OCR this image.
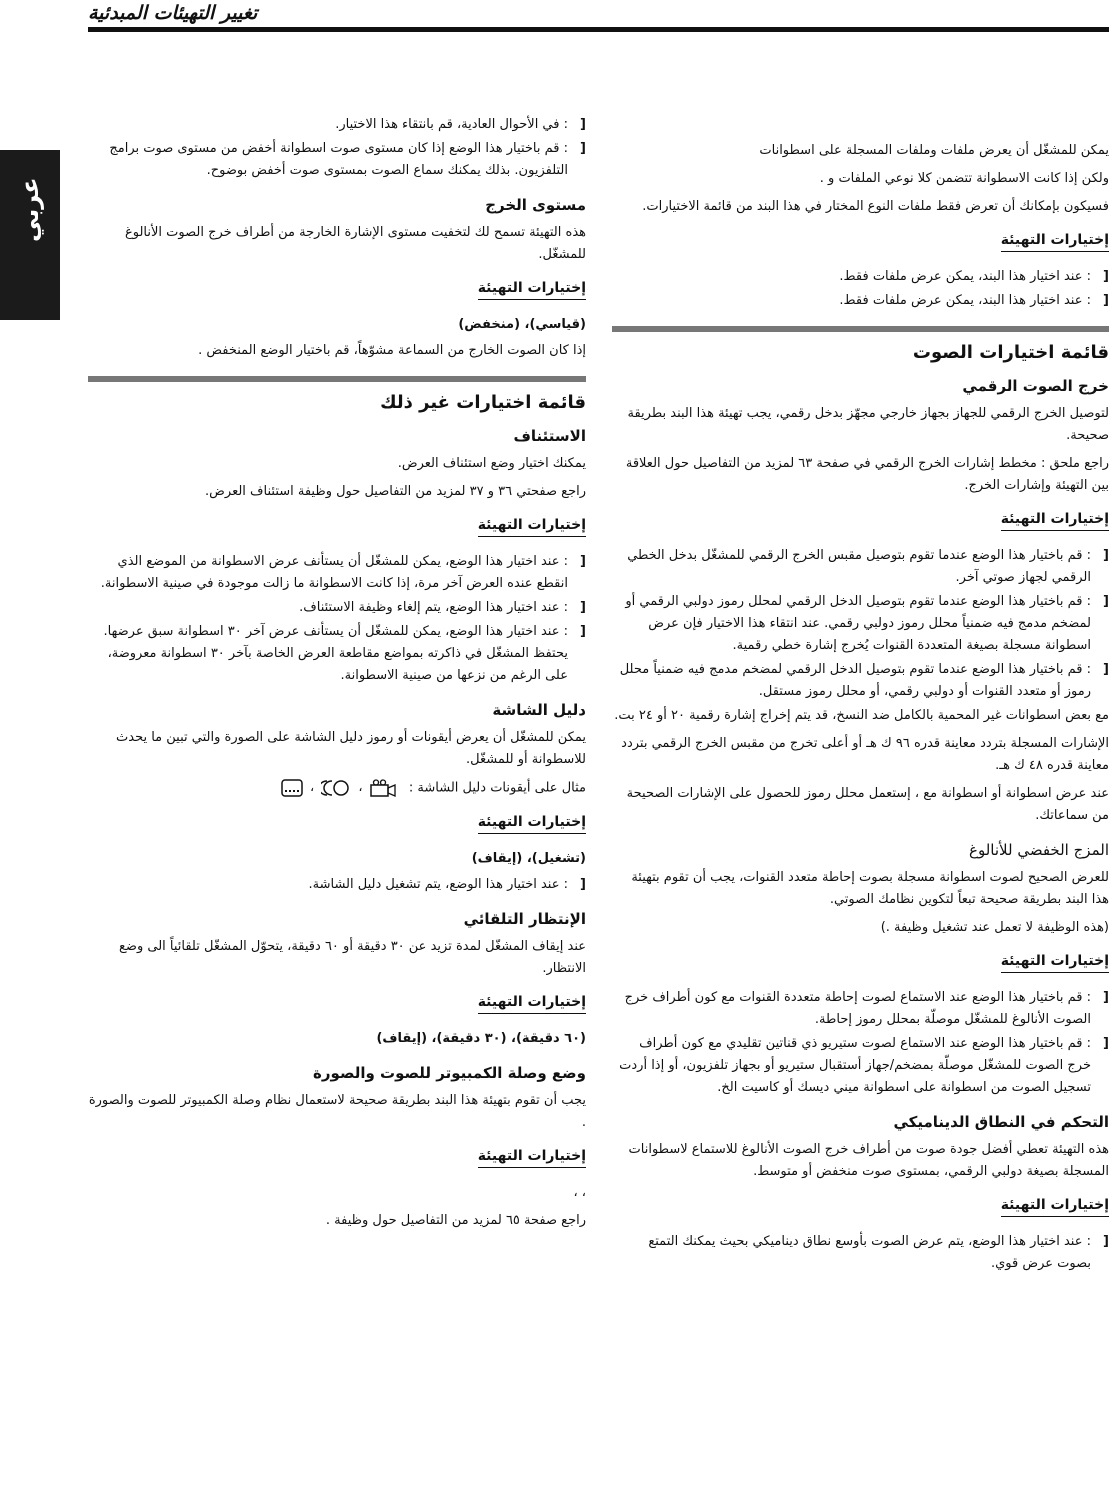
تغيير التهيئات المبدئية
عربي

يمكن للمشغّل أن يعرض ملفات وملفات المسجلة على اسطوانات

ولكن إذا كانت الاسطوانة تتضمن كلا نوعي الملفات و .

فسيكون بإمكانك أن تعرض فقط ملفات النوع المختار في هذا البند من قائمة الاختيارات.

إختيارات التهيئة

[ : عند اختيار هذا البند، يمكن عرض ملفات فقط.

[ : عند اختيار هذا البند، يمكن عرض ملفات فقط.

قائمة اختيارات الصوت
خرج الصوت الرقمي

لتوصيل الخرج الرقمي للجهاز بجهاز خارجي مجهّز بدخل رقمي، يجب تهيئة هذا البند بطريقة صحيحة.

راجع ملحق : مخطط إشارات الخرج الرقمي في صفحة ٦٣ لمزيد من التفاصيل حول العلاقة بين التهيئة وإشارات الخرج.

إختيارات التهيئة

[ : قم باختيار هذا الوضع عندما تقوم بتوصيل مقبس الخرج الرقمي للمشغّل بدخل الخطي الرقمي لجهاز صوتي آخر.

[ : قم باختيار هذا الوضع عندما تقوم بتوصيل الدخل الرقمي لمحلل رموز دولبي الرقمي أو لمضخم مدمج فيه ضمنياً محلل رموز دولبي رقمي. عند انتقاء هذا الاختيار فإن عرض اسطوانة مسجلة بصيغة المتعددة القنوات يُخرج إشارة خطي رقمية.

[ : قم باختيار هذا الوضع عندما تقوم بتوصيل الدخل الرقمي لمضخم مدمج فيه ضمنياً محلل رموز أو متعدد القنوات أو دولبي رقمي، أو محلل رموز مستقل.

مع بعض اسطوانات غير المحمية بالكامل ضد النسخ، قد يتم إخراج إشارة رقمية ٢٠ أو ٢٤ بت.

الإشارات المسجلة بتردد معاينة قدره ٩٦ ك هـ أو أعلى تخرج من مقبس الخرج الرقمي بتردد معاينة قدره ٤٨ ك هـ.

عند عرض اسطوانة أو اسطوانة مع ، إستعمل محلل رموز للحصول على الإشارات الصحيحة من سماعاتك.

المزج الخفضي للأنالوغ

للعرض الصحيح لصوت اسطوانة مسجلة بصوت إحاطة متعدد القنوات، يجب أن تقوم بتهيئة هذا البند بطريقة صحيحة تبعاً لتكوين نظامك الصوتي.

(هذه الوظيفة لا تعمل عند تشغيل وظيفة .)

إختيارات التهيئة

[ : قم باختيار هذا الوضع عند الاستماع لصوت إحاطة متعددة القنوات مع كون أطراف خرج الصوت الأنالوغ للمشغّل موصلّة بمحلل رموز إحاطة.

[ : قم باختيار هذا الوضع عند الاستماع لصوت ستيريو ذي قناتين تقليدي مع كون أطراف خرج الصوت للمشغّل موصلّة بمضخم/جهاز أستقبال ستيريو أو بجهاز تلفزيون، أو إذا أردت تسجيل الصوت من اسطوانة على اسطوانة ميني ديسك أو كاسيت الخ.

التحكم في النطاق الديناميكي

هذه التهيئة تعطي أفضل جودة صوت من أطراف خرج الصوت الأنالوغ للاستماع لاسطوانات المسجلة بصيغة دولبي الرقمي، بمستوى صوت منخفض أو متوسط.

إختيارات التهيئة

[ : عند اختيار هذا الوضع، يتم عرض الصوت بأوسع نطاق ديناميكي بحيث يمكنك التمتع بصوت عرض قوي.

[ : في الأحوال العادية، قم بانتقاء هذا الاختيار.

[ : قم باختيار هذا الوضع إذا كان مستوى صوت اسطوانة أخفض من مستوى صوت برامج التلفزيون. بذلك يمكنك سماع الصوت بمستوى صوت أخفض بوضوح.

مستوى الخرج

هذه التهيئة تسمح لك لتخفيت مستوى الإشارة الخارجة من أطراف خرج الصوت الأنالوغ للمشغّل.

إختيارات التهيئة

(قياسي)، (منخفض)

إذا كان الصوت الخارج من السماعة مشوّهاً، قم باختيار الوضع المنخفض .

قائمة اختيارات غير ذلك
الاستئناف

يمكنك اختيار وضع استئناف العرض.

راجع صفحتي ٣٦ و ٣٧ لمزيد من التفاصيل حول وظيفة استئناف العرض.

إختيارات التهيئة

[ : عند اختيار هذا الوضع، يمكن للمشغّل أن يستأنف عرض الاسطوانة من الموضع الذي انقطع عنده العرض آخر مرة، إذا كانت الاسطوانة ما زالت موجودة في صينية الاسطوانة.

[ : عند اختيار هذا الوضع، يتم إلغاء وظيفة الاستئناف.

[ : عند اختيار هذا الوضع، يمكن للمشغّل أن يستأنف عرض آخر ٣٠ اسطوانة سبق عرضها. يحتفظ المشغّل في ذاكرته بمواضع مقاطعة العرض الخاصة بآخر ٣٠ اسطوانة معروضة، على الرغم من نزعها من صينية الاسطوانة.

دليل الشاشة

يمكن للمشغّل أن يعرض أيقونات أو رموز دليل الشاشة على الصورة والتي تبين ما يحدث للاسطوانة أو للمشغّل.

مثال على أيقونات دليل الشاشة :  ،  ،

إختيارات التهيئة

(تشغيل)، (إيقاف)

[ : عند اختيار هذا الوضع، يتم تشغيل دليل الشاشة.

الإنتظار التلقائي

عند إيقاف المشغّل لمدة تزيد عن ٣٠ دقيقة أو ٦٠ دقيقة، يتحوّل المشغّل تلقائياً الى وضع الانتظار.

إختيارات التهيئة

(٦٠ دقيقة)، (٣٠ دقيقة)، (إيقاف)

وضع وصلة الكمبيوتر للصوت والصورة

يجب أن تقوم بتهيئة هذا البند بطريقة صحيحة لاستعمال نظام وصلة الكمبيوتر للصوت والصورة .

إختيارات التهيئة

، ،

راجع صفحة ٦٥ لمزيد من التفاصيل حول وظيفة .
